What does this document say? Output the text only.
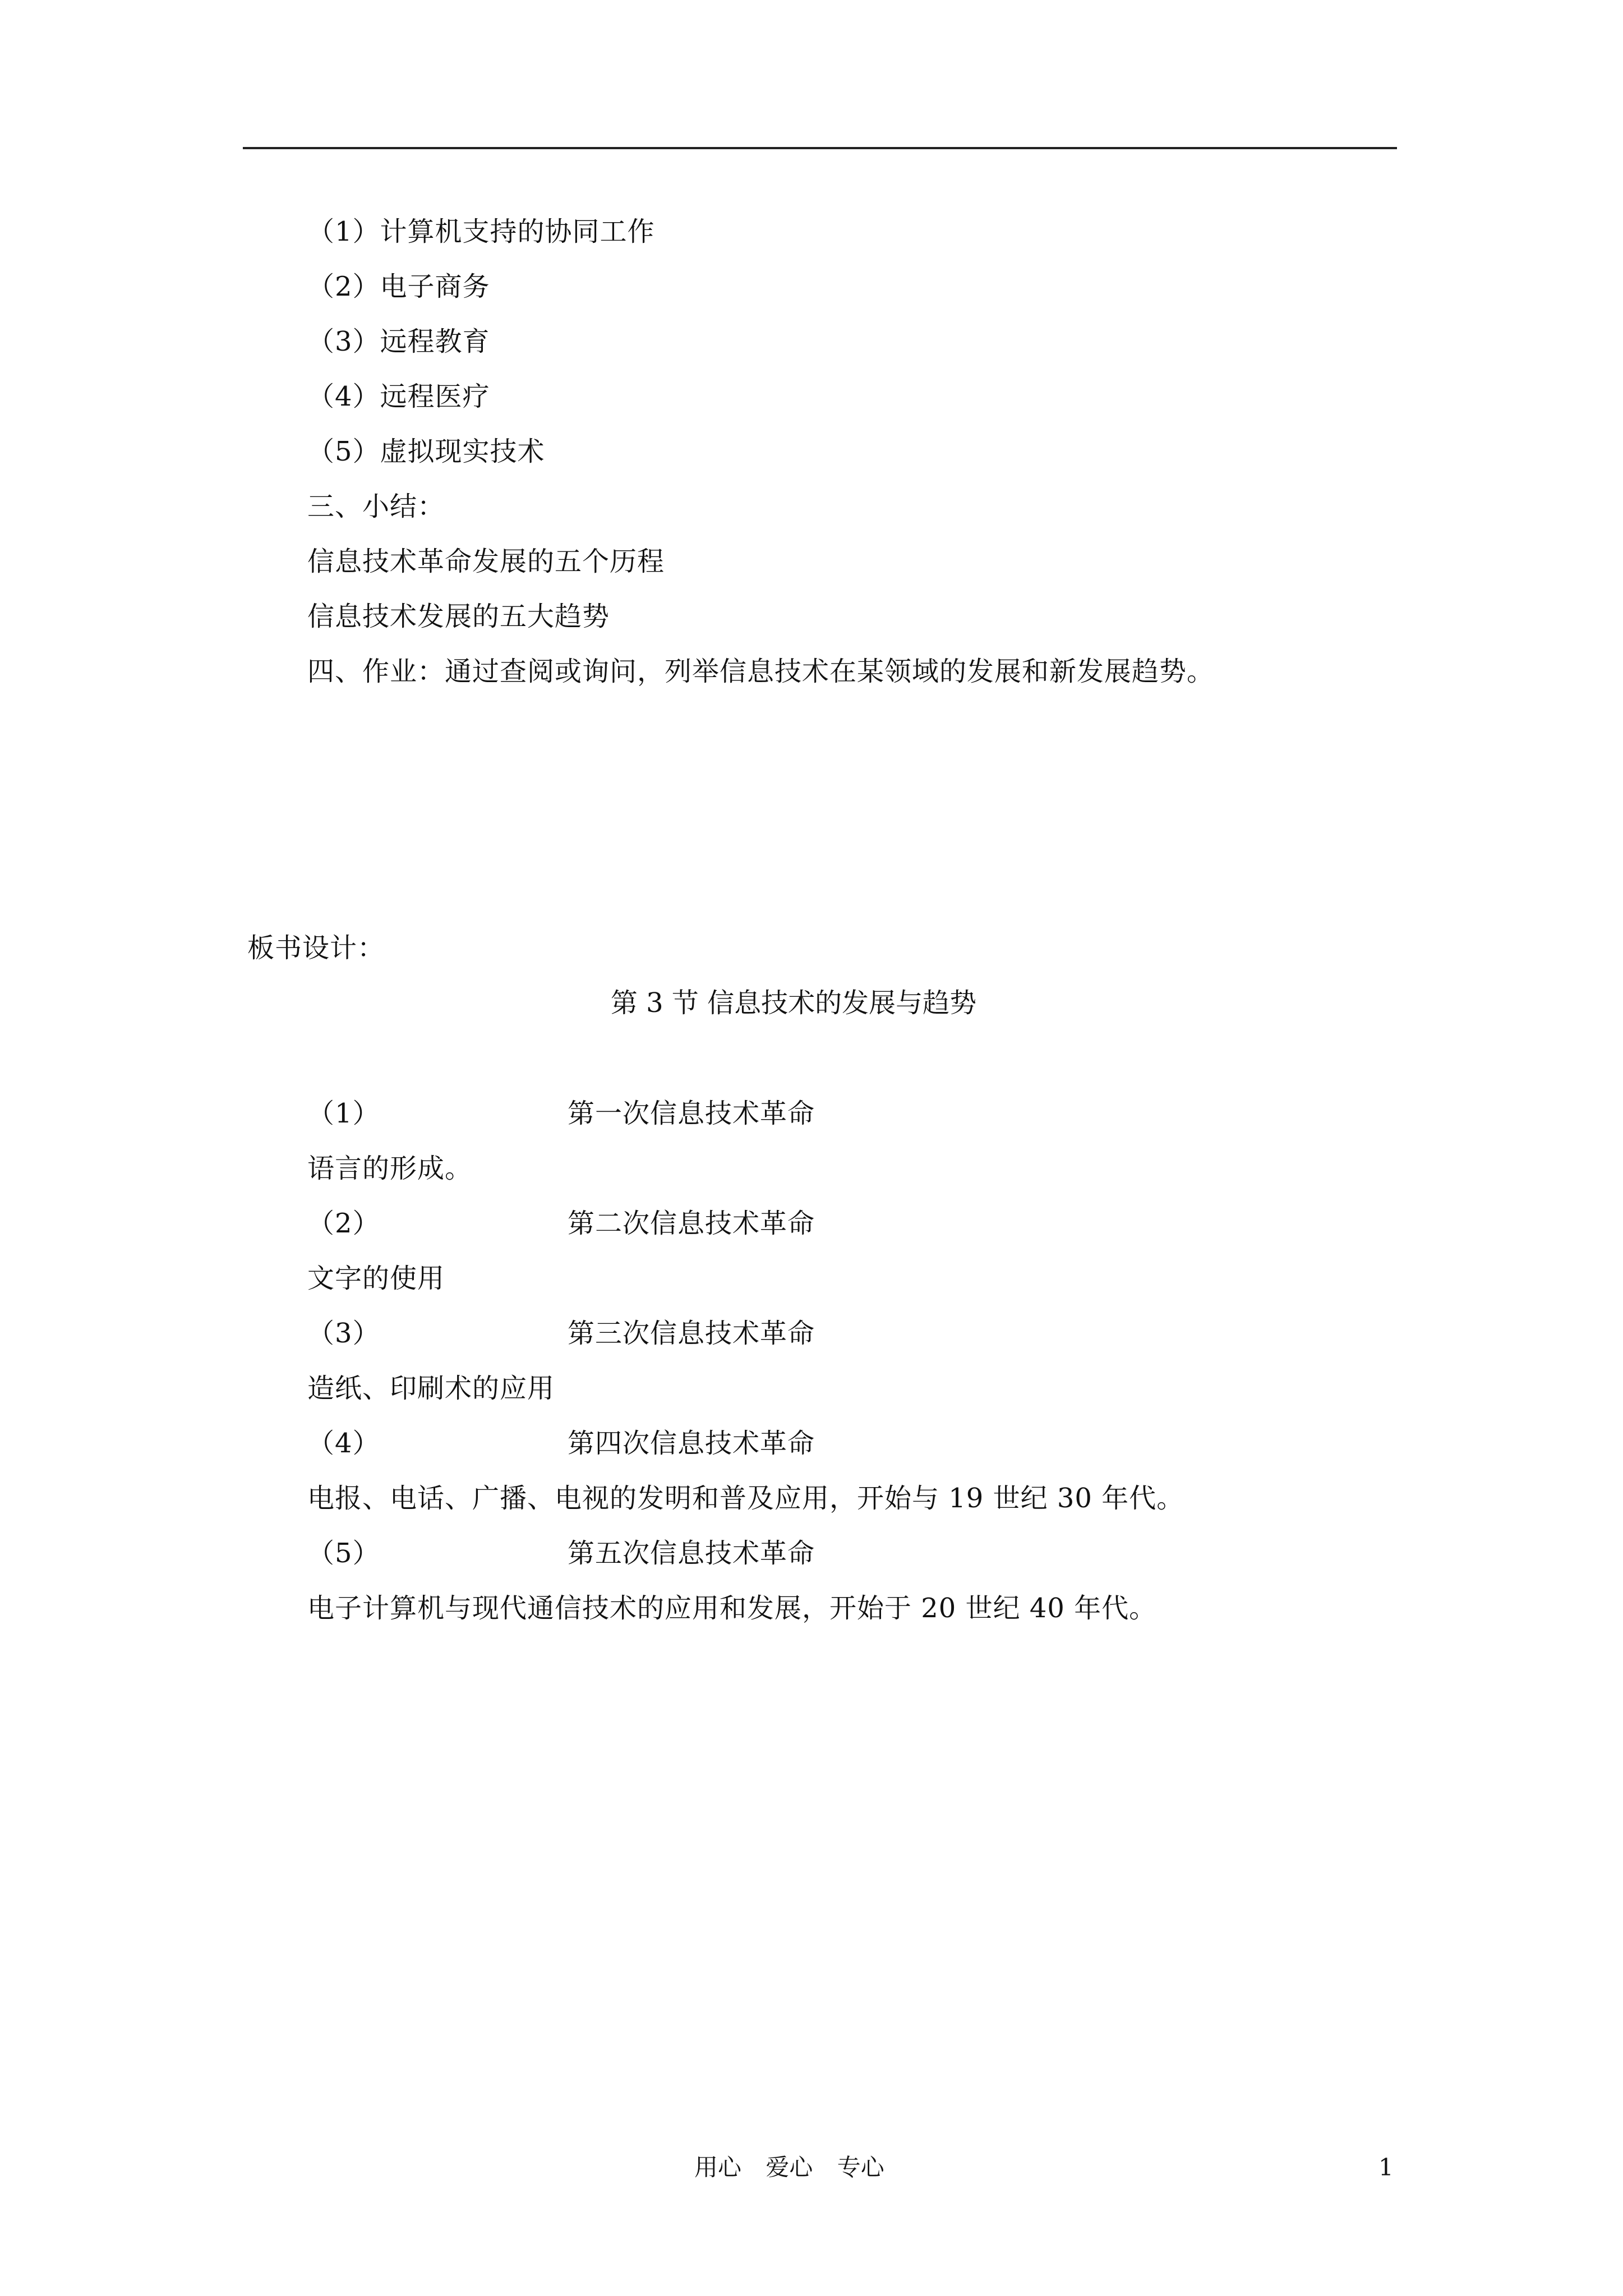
（1）计算机支持的协同工作
（2）电子商务
（3）远程教育
（4）远程医疗
（5）虚拟现实技术
三、小结：
信息技术革命发展的五个历程
信息技术发展的五大趋势
四、作业：通过查阅或询问，列举信息技术在某领域的发展和新发展趋势。
板书设计：
第 3 节 信息技术的发展与趋势
（1）	第一次信息技术革命
语言的形成。
（2）	第二次信息技术革命
文字的使用
（3）	第三次信息技术革命
造纸、印刷术的应用
（4）	第四次信息技术革命
电报、电话、广播、电视的发明和普及应用，开始与 19 世纪 30 年代。
（5）	第五次信息技术革命
电子计算机与现代通信技术的应用和发展，开始于 20 世纪 40 年代。
用心 爱心 专心	1
